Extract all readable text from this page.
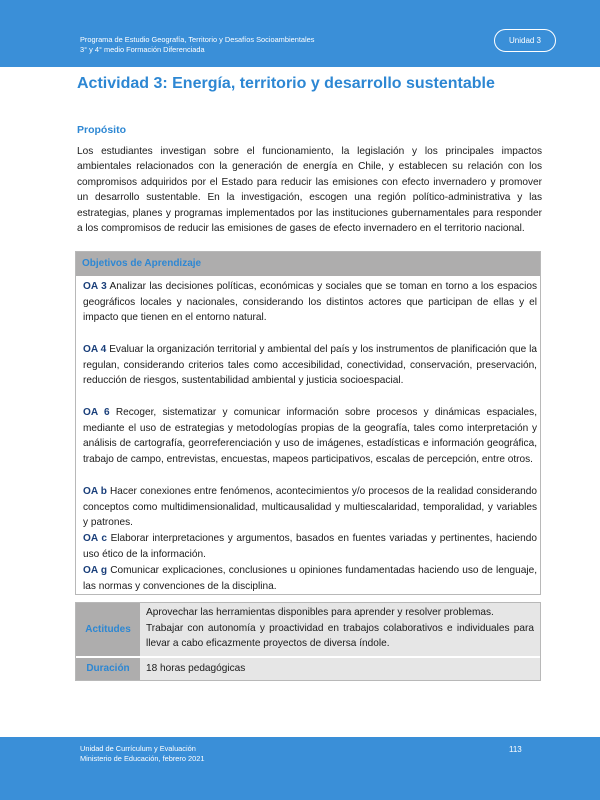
Programa de Estudio Geografía, Territorio y Desafíos Socioambientales
3° y 4° medio Formación Diferenciada
Unidad 3
Actividad 3: Energía, territorio y desarrollo sustentable
Propósito
Los estudiantes investigan sobre el funcionamiento, la legislación y los principales impactos ambientales relacionados con la generación de energía en Chile, y establecen su relación con los compromisos adquiridos por el Estado para reducir las emisiones con efecto invernadero y promover un desarrollo sustentable. En la investigación, escogen una región político-administrativa y las estrategias, planes y programas implementados por las instituciones gubernamentales para responder a los compromisos de reducir las emisiones de gases de efecto invernadero en el territorio nacional.
Objetivos de Aprendizaje
OA 3 Analizar las decisiones políticas, económicas y sociales que se toman en torno a los espacios geográficos locales y nacionales, considerando los distintos actores que participan de ellas y el impacto que tienen en el entorno natural.
OA 4 Evaluar la organización territorial y ambiental del país y los instrumentos de planificación que la regulan, considerando criterios tales como accesibilidad, conectividad, conservación, preservación, reducción de riesgos, sustentabilidad ambiental y justicia socioespacial.
OA 6 Recoger, sistematizar y comunicar información sobre procesos y dinámicas espaciales, mediante el uso de estrategias y metodologías propias de la geografía, tales como interpretación y análisis de cartografía, georreferenciación y uso de imágenes, estadísticas e información geográfica, trabajo de campo, entrevistas, encuestas, mapeos participativos, escalas de percepción, entre otros.
OA b Hacer conexiones entre fenómenos, acontecimientos y/o procesos de la realidad considerando conceptos como multidimensionalidad, multicausalidad y multiescalaridad, temporalidad, y variables y patrones.
OA c Elaborar interpretaciones y argumentos, basados en fuentes variadas y pertinentes, haciendo uso ético de la información.
OA g Comunicar explicaciones, conclusiones u opiniones fundamentadas haciendo uso de lenguaje, las normas y convenciones de la disciplina.
Actitudes
Aprovechar las herramientas disponibles para aprender y resolver problemas.
Trabajar con autonomía y proactividad en trabajos colaborativos e individuales para llevar a cabo eficazmente proyectos de diversa índole.
Duración	18 horas pedagógicas
Unidad de Currículum y Evaluación
Ministerio de Educación, febrero 2021
113
